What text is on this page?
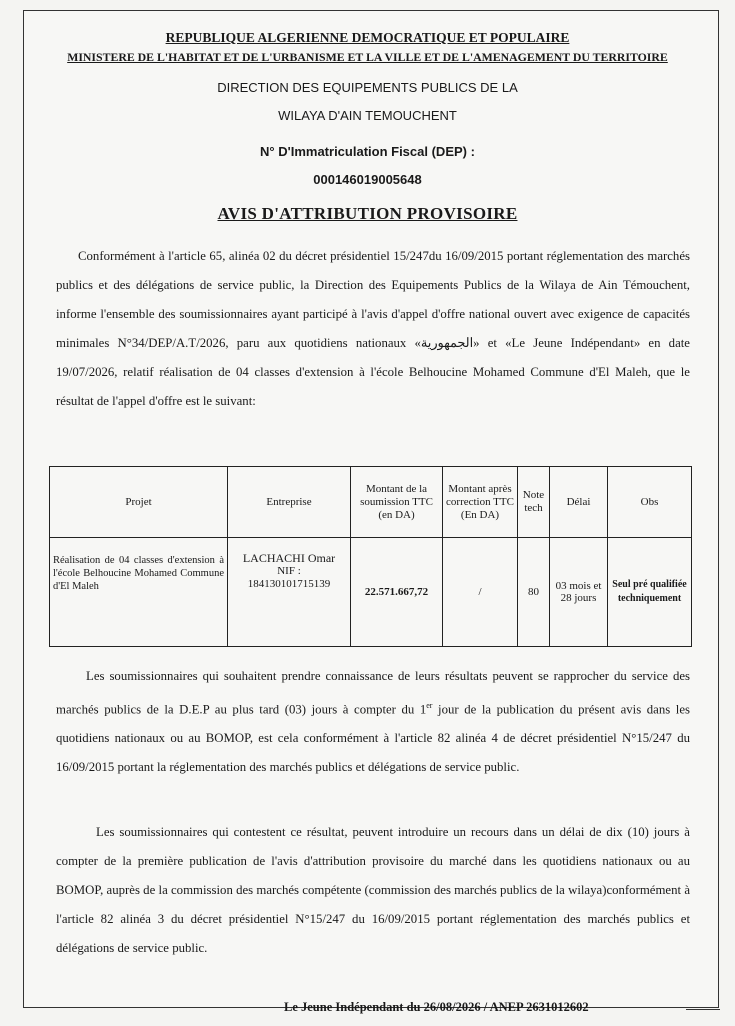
REPUBLIQUE ALGERIENNE DEMOCRATIQUE ET POPULAIRE
MINISTERE DE L'HABITAT ET DE L'URBANISME ET LA VILLE ET DE L'AMENAGEMENT DU TERRITOIRE
DIRECTION DES EQUIPEMENTS PUBLICS DE LA
WILAYA D'AIN TEMOUCHENT
N° D'Immatriculation Fiscal (DEP) :
000146019005648
AVIS D'ATTRIBUTION PROVISOIRE
Conformément à l'article 65, alinéa 02 du décret présidentiel 15/247du 16/09/2015 portant réglementation des marchés publics et des délégations de service public, la Direction des Equipements Publics de la Wilaya de Ain Témouchent, informe l'ensemble des soumissionnaires ayant participé à l'avis d'appel d'offre national ouvert avec exigence de capacités minimales N°34/DEP/A.T/2026, paru aux quotidiens nationaux «الجمهورية» et «Le Jeune Indépendant» en date 19/07/2026, relatif réalisation de 04 classes d'extension à l'école Belhoucine Mohamed Commune d'El Maleh, que le résultat de l'appel d'offre est le suivant:
Projet	Entreprise	Montant de la soumission TTC (en DA)	Montant après correction TTC (En DA)	Note tech	Délai	Obs
Réalisation de 04 classes d'extension à l'école Belhoucine Mohamed Commune d'El Maleh	LACHACHI Omar
NIF :
184130101715139	22.571.667,72	/	80	03 mois et 28 jours	Seul pré qualifiée techniquement
Les soumissionnaires qui souhaitent prendre connaissance de leurs résultats peuvent se rapprocher du service des marchés publics de la D.E.P au plus tard (03) jours à compter du 1er jour de la publication du présent avis dans les quotidiens nationaux ou au BOMOP, est cela conformément à l'article 82 alinéa 4 de décret présidentiel N°15/247 du 16/09/2015 portant la réglementation des marchés publics et délégations de service public.
Les soumissionnaires qui contestent ce résultat, peuvent introduire un recours dans un délai de dix (10) jours à compter de la première publication de l'avis d'attribution provisoire du marché dans les quotidiens nationaux ou au BOMOP, auprès de la commission des marchés compétente (commission des marchés publics de la wilaya)conformément à l'article 82 alinéa 3 du décret présidentiel N°15/247 du 16/09/2015 portant réglementation des marchés publics et délégations de service public.
Le Jeune Indépendant du 26/08/2026 / ANEP 2631012602
